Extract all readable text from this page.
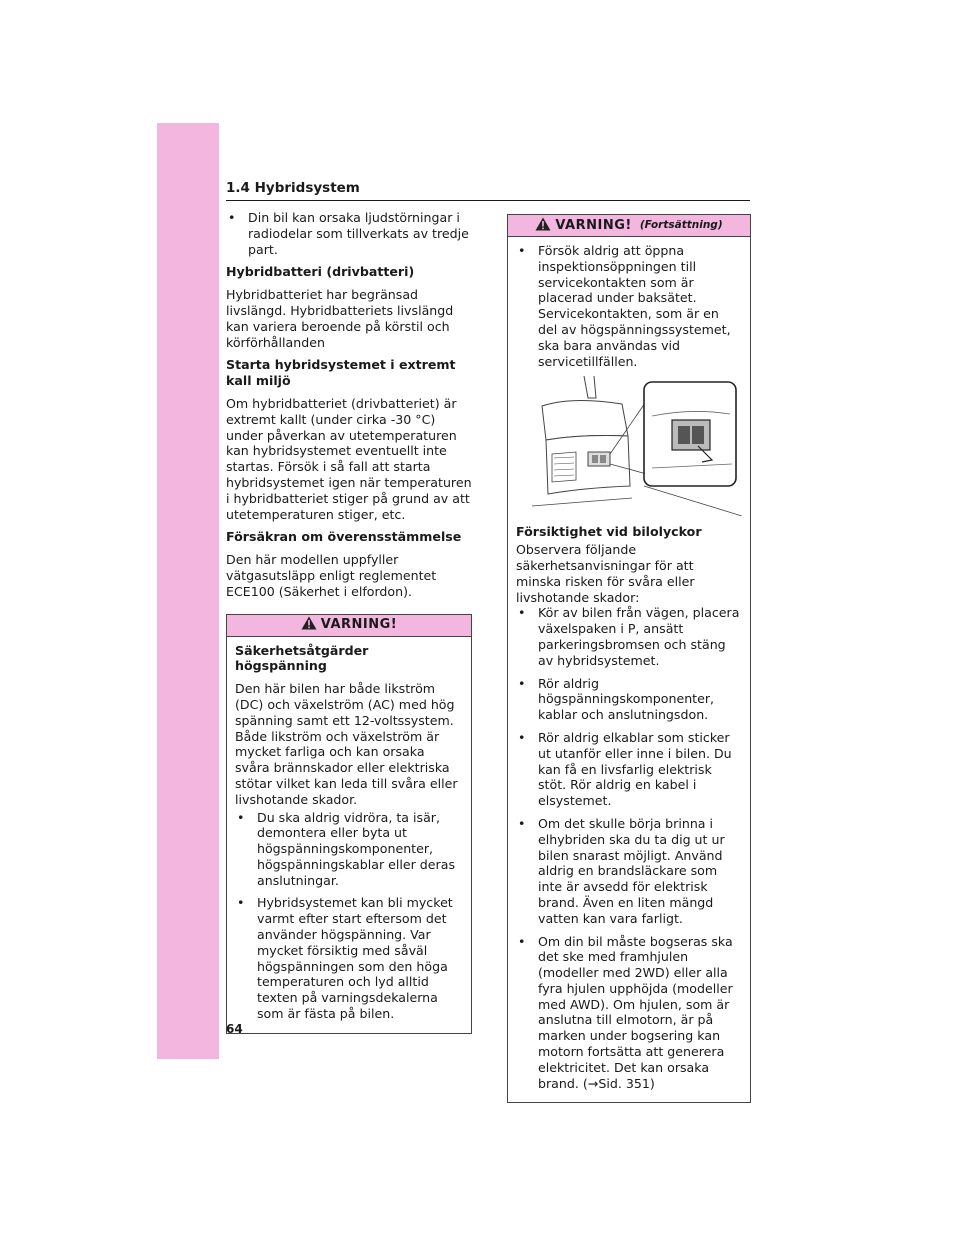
1.4 Hybridsystem
• Din bil kan orsaka ljudstörningar i radiodelar som tillverkats av tredje part.
Hybridbatteri (drivbatteri)

Hybridbatteriet har begränsad livslängd. Hybridbatteriets livslängd kan variera beroende på körstil och körförhållanden

Starta hybridsystemet i extremt kall miljö

Om hybridbatteriet (drivbatteriet) är extremt kallt (under cirka -30 °C) under påverkan av utetemperaturen kan hybridsystemet eventuellt inte startas. Försök i så fall att starta hybridsystemet igen när temperaturen i hybridbatteriet stiger på grund av att utetemperaturen stiger, etc.

Försäkran om överensstämmelse

Den här modellen uppfyller vätgasutsläpp enligt reglementet ECE100 (Säkerhet i elfordon).

VARNING!
Säkerhetsåtgärder högspänning

Den här bilen har både likström (DC) och växelström (AC) med hög spänning samt ett 12-voltssystem. Både likström och växelström är mycket farliga och kan orsaka svåra brännskador eller elektriska stötar vilket kan leda till svåra eller livshotande skador.

• Du ska aldrig vidröra, ta isär, demontera eller byta ut högspänningskomponenter, högspänningskablar eller deras anslutningar.
• Hybridsystemet kan bli mycket varmt efter start eftersom det använder högspänning. Var mycket försiktig med såväl högspänningen som den höga temperaturen och lyd alltid texten på varningsdekalerna som är fästa på bilen.
VARNING! (Fortsättning)
• Försök aldrig att öppna inspektionsöppningen till servicekontakten som är placerad under baksätet. Servicekontakten, som är en del av högspänningssystemet, ska bara användas vid servicetillfällen.
Försiktighet vid bilolyckor

Observera följande säkerhetsanvisningar för att minska risken för svåra eller livshotande skador:

• Kör av bilen från vägen, placera växelspaken i P, ansätt parkeringsbromsen och stäng av hybridsystemet.
• Rör aldrig högspänningskomponenter, kablar och anslutningsdon.
• Rör aldrig elkablar som sticker ut utanför eller inne i bilen. Du kan få en livsfarlig elektrisk stöt. Rör aldrig en kabel i elsystemet.
• Om det skulle börja brinna i elhybriden ska du ta dig ut ur bilen snarast möjligt. Använd aldrig en brandsläckare som inte är avsedd för elektrisk brand. Även en liten mängd vatten kan vara farligt.
• Om din bil måste bogseras ska det ske med framhjulen (modeller med 2WD) eller alla fyra hjulen upphöjda (modeller med AWD). Om hjulen, som är anslutna till elmotorn, är på marken under bogsering kan motorn fortsätta att generera elektricitet. Det kan orsaka brand. (→Sid. 351)
64
